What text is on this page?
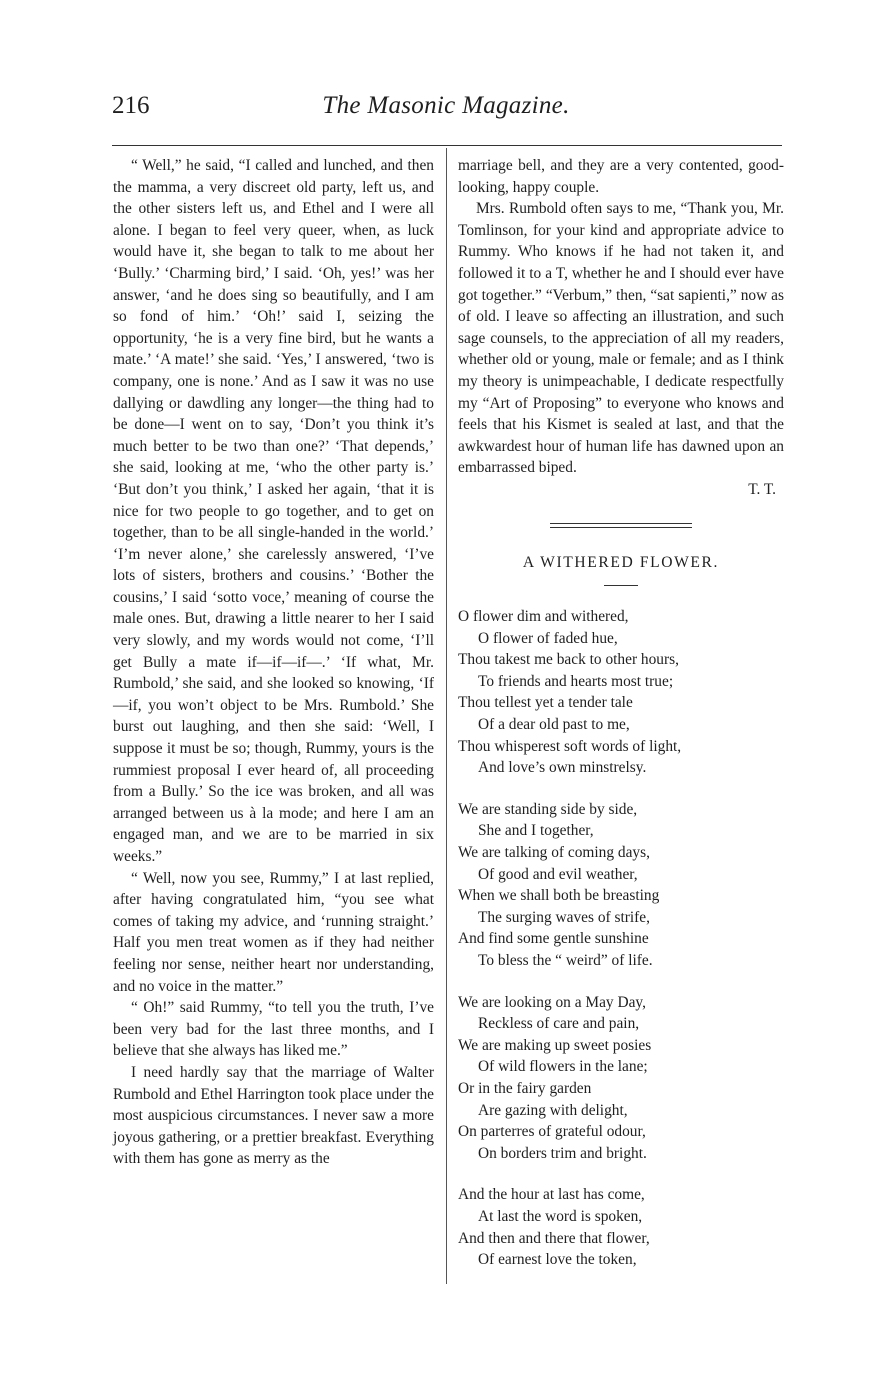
216	The Masonic Magazine.

“ Well,” he said, “I called and lunched, and then the mamma, a very discreet old party, left us, and the other sisters left us, and Ethel and I were all alone. I began to feel very queer, when, as luck would have it, she began to talk to me about her ‘Bully.’ ‘Charming bird,’ I said. ‘Oh, yes!’ was her answer, ‘and he does sing so beautifully, and I am so fond of him.’ ‘Oh!’ said I, seizing the opportunity, ‘he is a very fine bird, but he wants a mate.’ ‘A mate!’ she said. ‘Yes,’ I answered, ‘two is company, one is none.’ And as I saw it was no use dallying or dawdling any longer—the thing had to be done—I went on to say, ‘Don’t you think it’s much better to be two than one?’ ‘That depends,’ she said, looking at me, ‘who the other party is.’ ‘But don’t you think,’ I asked her again, ‘that it is nice for two people to go together, and to get on together, than to be all single-handed in the world.’ ‘I’m never alone,’ she carelessly answered, ‘I’ve lots of sisters, brothers and cousins.’ ‘Bother the cousins,’ I said ‘sotto voce,’ meaning of course the male ones. But, drawing a little nearer to her I said very slowly, and my words would not come, ‘I’ll get Bully a mate if—if—if—.’ ‘If what, Mr. Rumbold,’ she said, and she looked so knowing, ‘If—if, you won’t object to be Mrs. Rumbold.’ She burst out laughing, and then she said: ‘Well, I suppose it must be so; though, Rummy, yours is the rummiest proposal I ever heard of, all proceeding from a Bully.’ So the ice was broken, and all was arranged between us à la mode; and here I am an engaged man, and we are to be married in six weeks.”

“ Well, now you see, Rummy,” I at last replied, after having congratulated him, “you see what comes of taking my advice, and ‘running straight.’ Half you men treat women as if they had neither feeling nor sense, neither heart nor understanding, and no voice in the matter.”

“ Oh!” said Rummy, “to tell you the truth, I’ve been very bad for the last three months, and I believe that she always has liked me.”

I need hardly say that the marriage of Walter Rumbold and Ethel Harrington took place under the most auspicious circumstances. I never saw a more joyous gathering, or a prettier breakfast. Everything with them has gone as merry as the

marriage bell, and they are a very contented, good-looking, happy couple.

Mrs. Rumbold often says to me, “Thank you, Mr. Tomlinson, for your kind and appropriate advice to Rummy. Who knows if he had not taken it, and followed it to a T, whether he and I should ever have got together.” “Verbum,” then, “sat sapienti,” now as of old. I leave so affecting an illustration, and such sage counsels, to the appreciation of all my readers, whether old or young, male or female; and as I think my theory is unimpeachable, I dedicate respectfully my “Art of Proposing” to everyone who knows and feels that his Kismet is sealed at last, and that the awkwardest hour of human life has dawned upon an embarrassed biped.

T. T.

A WITHERED FLOWER.
O flower dim and withered,
O flower of faded hue,
Thou takest me back to other hours,
To friends and hearts most true;
Thou tellest yet a tender tale
Of a dear old past to me,
Thou whisperest soft words of light,
And love’s own minstrelsy.
We are standing side by side,
She and I together,
We are talking of coming days,
Of good and evil weather,
When we shall both be breasting
The surging waves of strife,
And find some gentle sunshine
To bless the “ weird” of life.
We are looking on a May Day,
Reckless of care and pain,
We are making up sweet posies
Of wild flowers in the lane;
Or in the fairy garden
Are gazing with delight,
On parterres of grateful odour,
On borders trim and bright.
And the hour at last has come,
At last the word is spoken,
And then and there that flower,
Of earnest love the token,
